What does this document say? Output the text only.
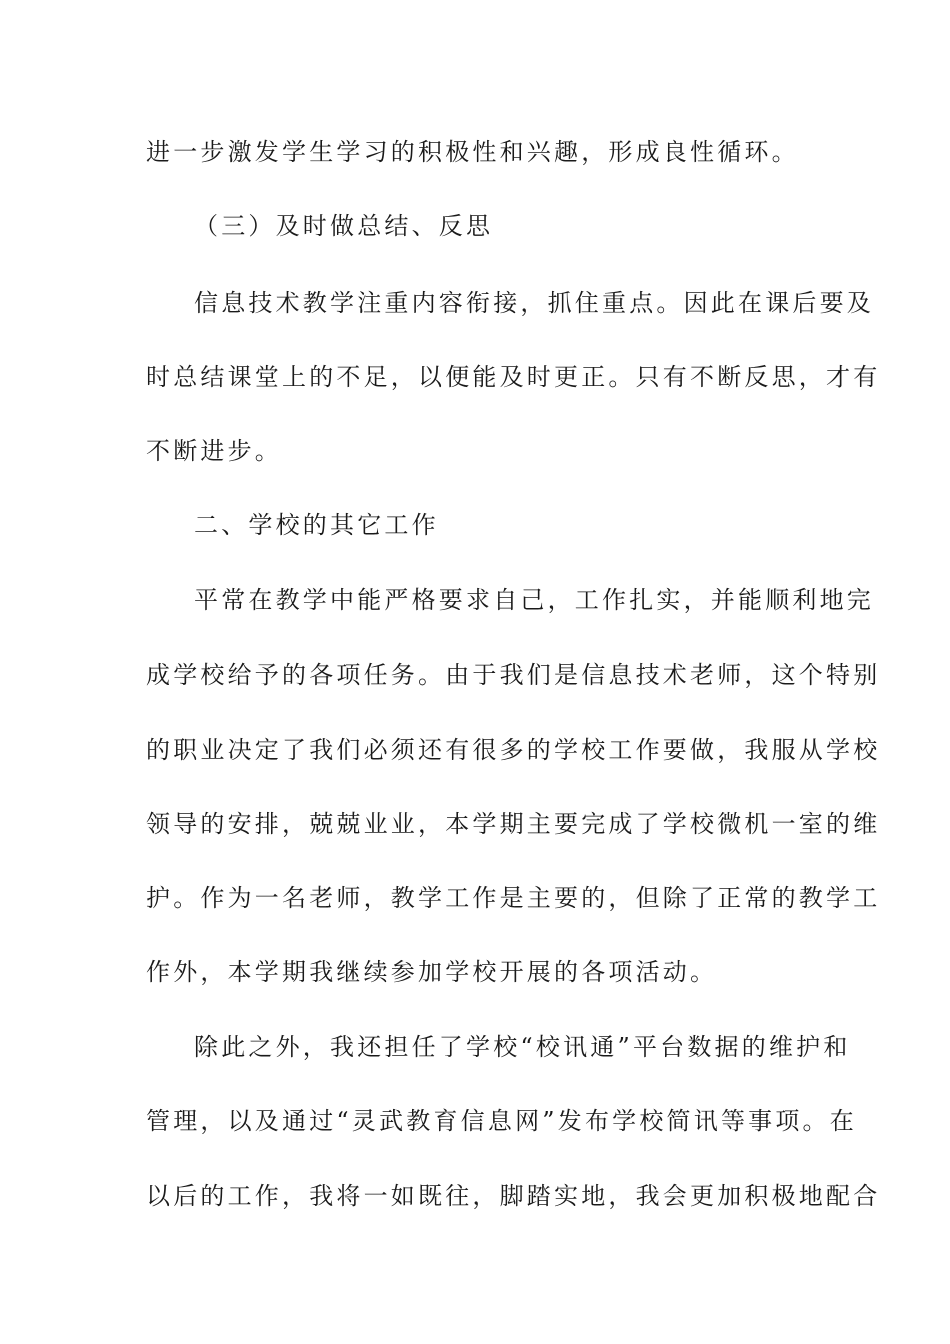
进一步激发学生学习的积极性和兴趣，形成良性循环。
（三）及时做总结、反思
信息技术教学注重内容衔接，抓住重点。因此在课后要及
时总结课堂上的不足，以便能及时更正。只有不断反思，才有
不断进步。
二、学校的其它工作
平常在教学中能严格要求自己，工作扎实，并能顺利地完
成学校给予的各项任务。由于我们是信息技术老师，这个特别
的职业决定了我们必须还有很多的学校工作要做，我服从学校
领导的安排，兢兢业业，本学期主要完成了学校微机一室的维
护。作为一名老师，教学工作是主要的，但除了正常的教学工
作外，本学期我继续参加学校开展的各项活动。
除此之外，我还担任了学校“校讯通”平台数据的维护和
管理，以及通过“灵武教育信息网”发布学校简讯等事项。在
以后的工作，我将一如既往，脚踏实地，我会更加积极地配合
